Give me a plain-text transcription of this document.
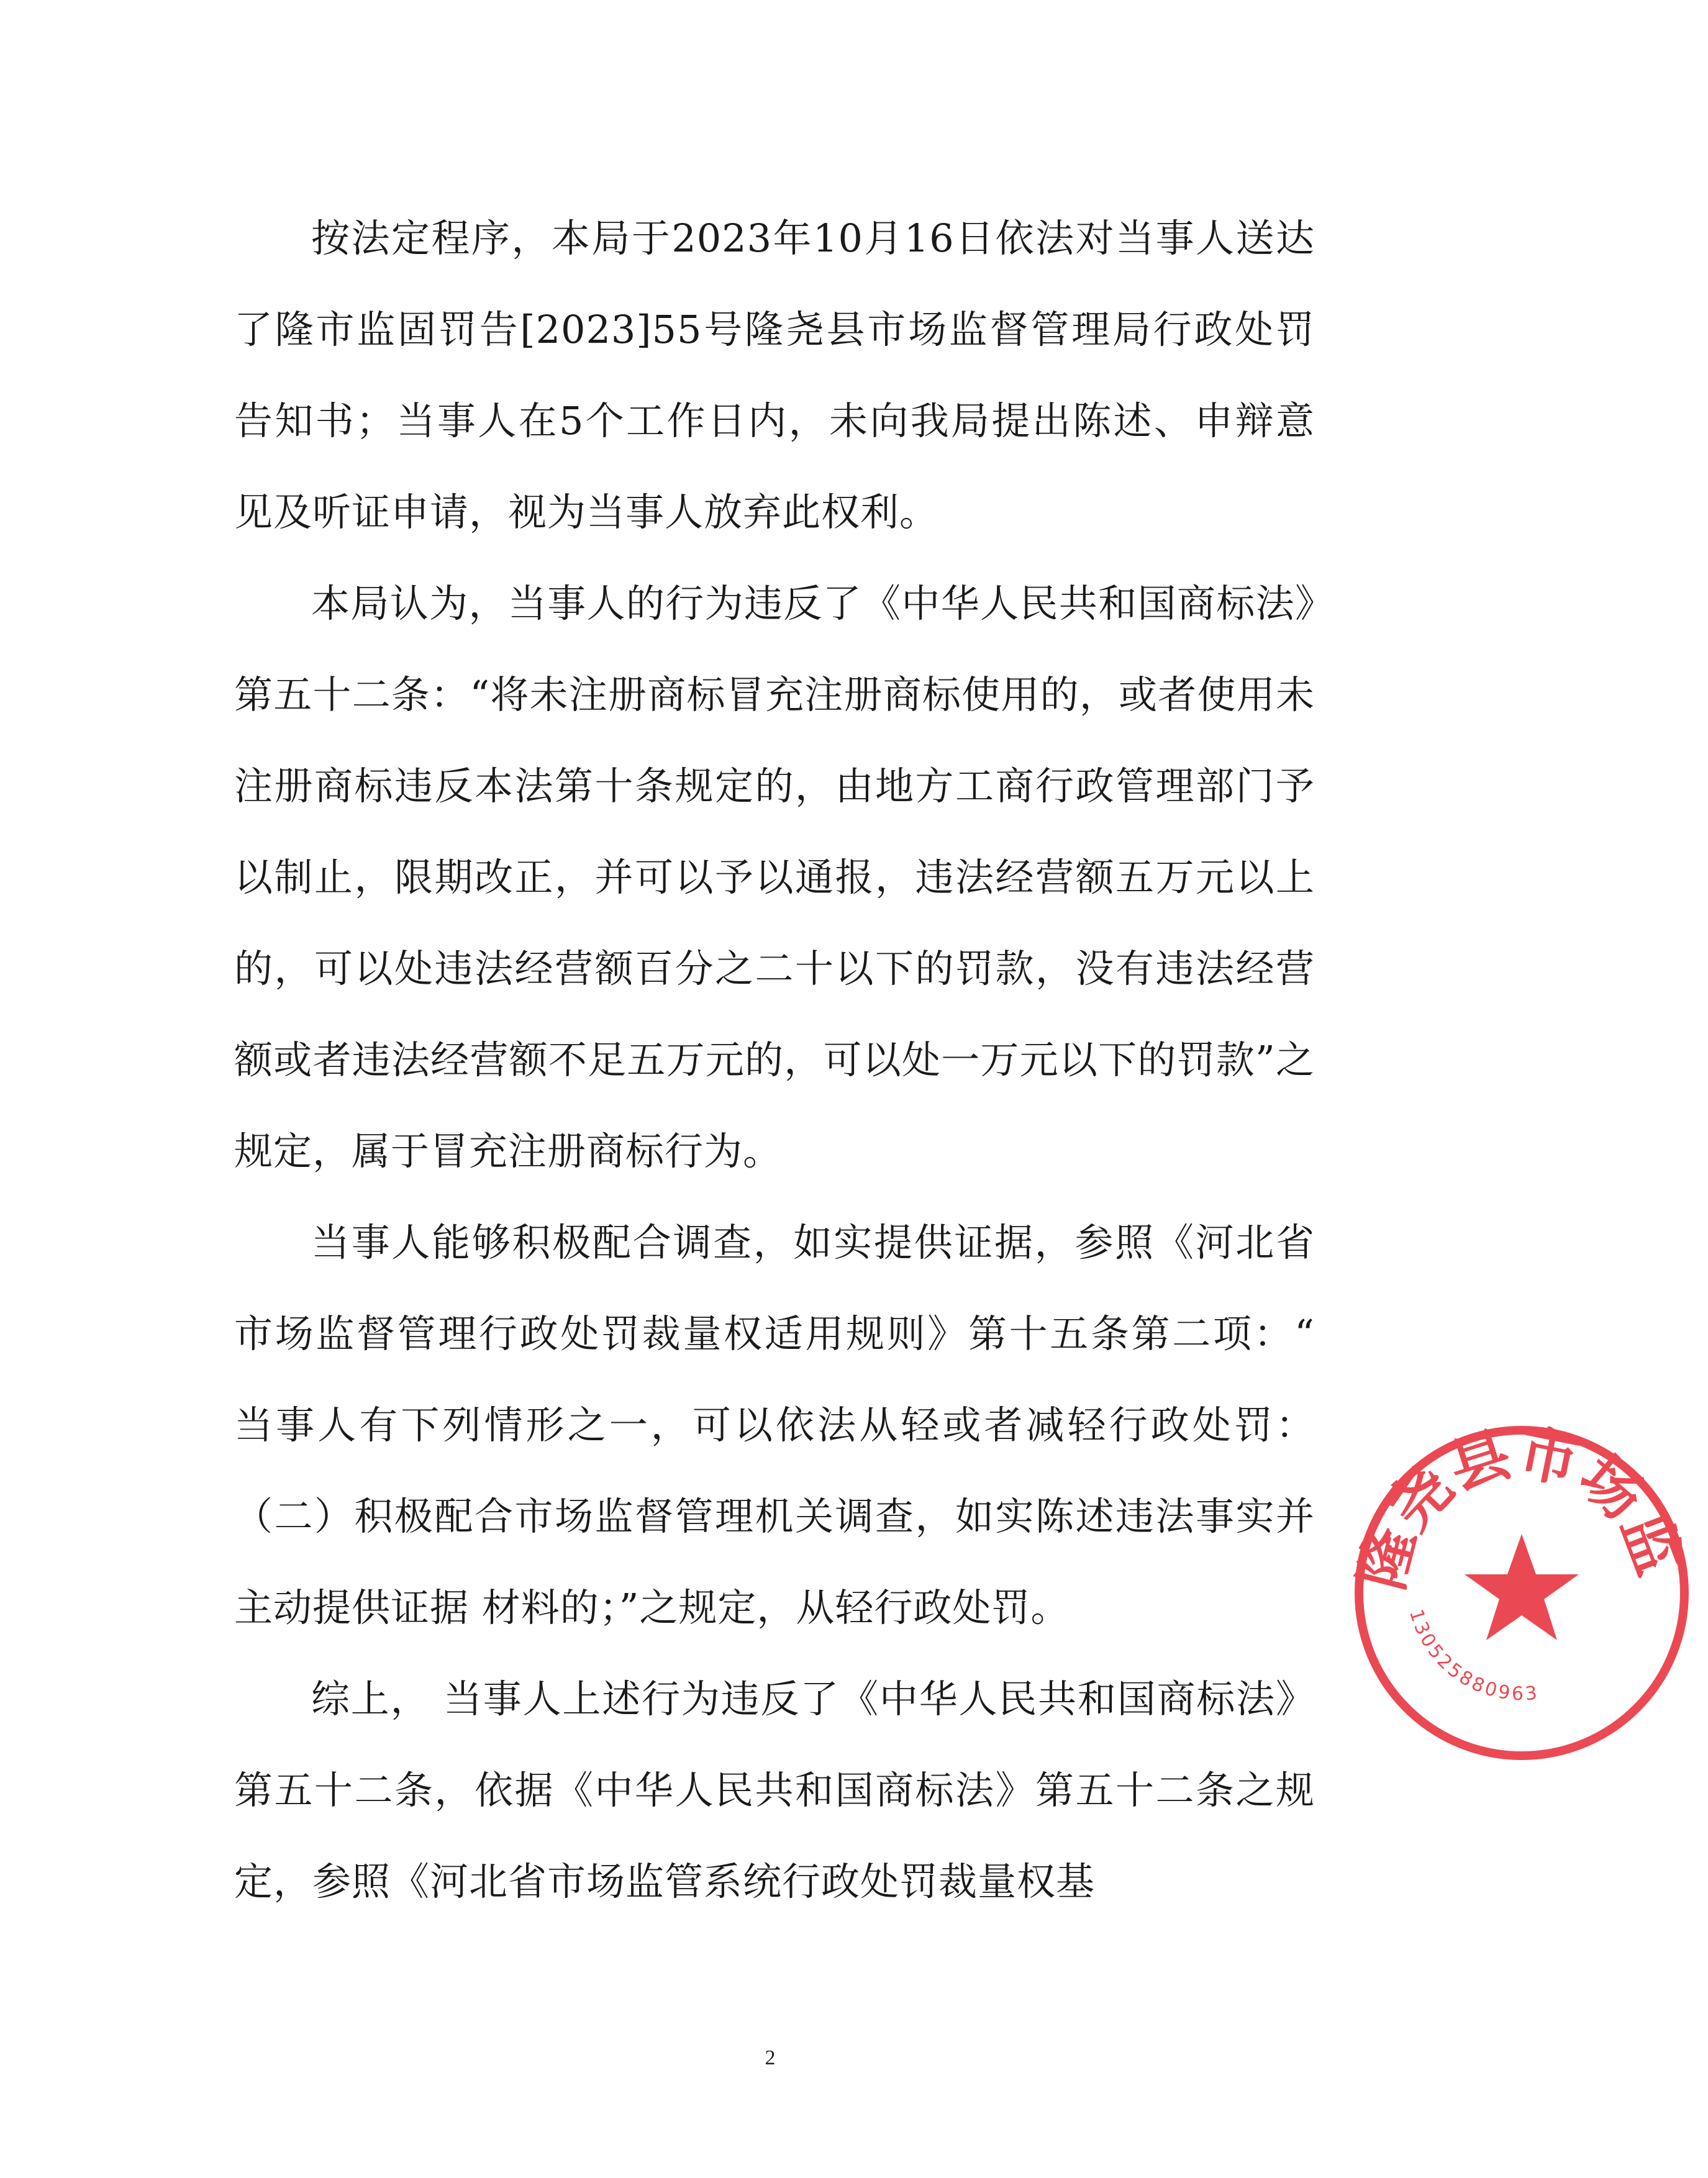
按法定程序，本局于2023年10月16日依法对当事人送达了隆市监固罚告[2023]55号隆尧县市场监督管理局行政处罚告知书；当事人在5个工作日内，未向我局提出陈述、申辩意见及听证申请，视为当事人放弃此权利。

本局认为，当事人的行为违反了《中华人民共和国商标法》第五十二条：“将未注册商标冒充注册商标使用的，或者使用未注册商标违反本法第十条规定的，由地方工商行政管理部门予以制止，限期改正，并可以予以通报，违法经营额五万元以上的，可以处违法经营额百分之二十以下的罚款，没有违法经营额或者违法经营额不足五万元的，可以处一万元以下的罚款”之规定，属于冒充注册商标行为。

当事人能够积极配合调查，如实提供证据，参照《河北省市场监督管理行政处罚裁量权适用规则》第十五条第二项：“ 当事人有下列情形之一，可以依法从轻或者减轻行政处罚：（二）积极配合市场监督管理机关调查，如实陈述违法事实并主动提供证据 材料的；”之规定，从轻行政处罚。

综上， 当事人上述行为违反了《中华人民共和国商标法》第五十二条，依据《中华人民共和国商标法》第五十二条之规定，参照《河北省市场监管系统行政处罚裁量权基

2
隆尧县市场监
130525880963
